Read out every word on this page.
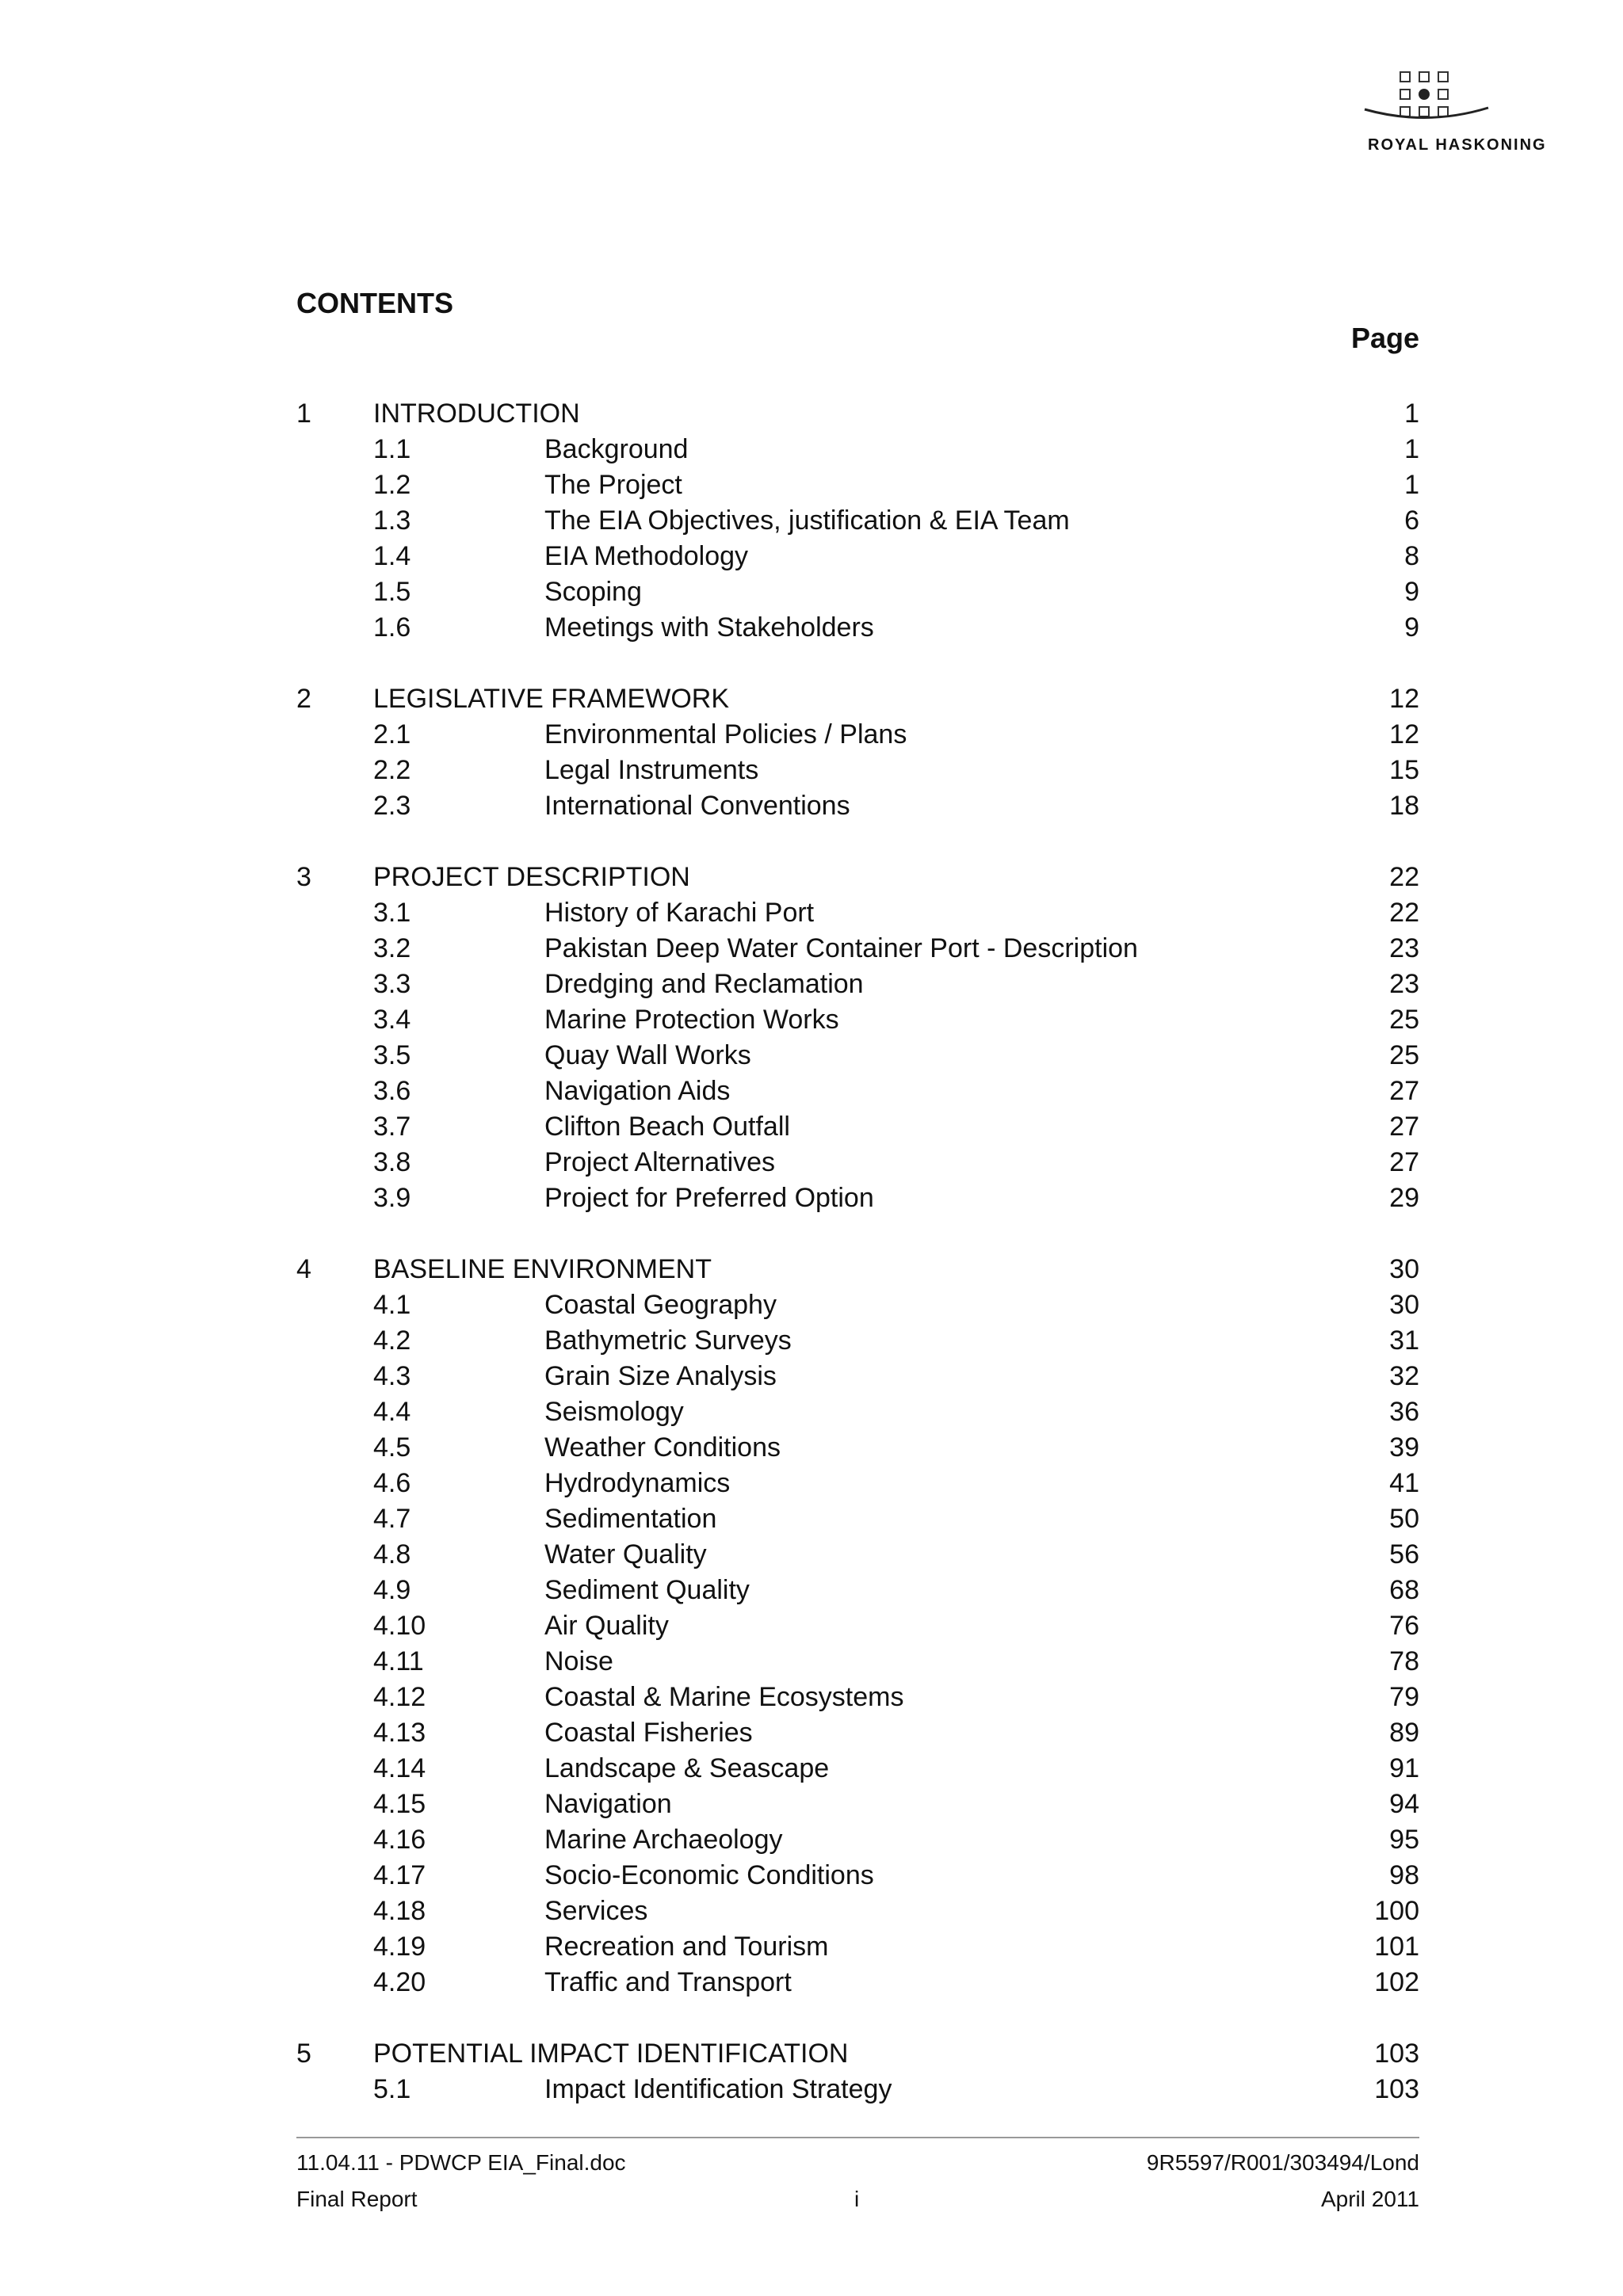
ROYAL HASKONING
CONTENTS
Page
1 INTRODUCTION	1
1.1	Background	1
1.2	The Project	1
1.3	The EIA Objectives, justification & EIA Team	6
1.4	EIA Methodology	8
1.5	Scoping	9
1.6	Meetings with Stakeholders	9
2 LEGISLATIVE FRAMEWORK	12
2.1	Environmental Policies / Plans	12
2.2	Legal Instruments	15
2.3	International Conventions	18
3 PROJECT DESCRIPTION	22
3.1	History of Karachi Port	22
3.2	Pakistan Deep Water Container Port - Description	23
3.3	Dredging and Reclamation	23
3.4	Marine Protection Works	25
3.5	Quay Wall Works	25
3.6	Navigation Aids	27
3.7	Clifton Beach Outfall	27
3.8	Project Alternatives	27
3.9	Project for Preferred Option	29
4 BASELINE ENVIRONMENT	30
4.1	Coastal Geography	30
4.2	Bathymetric Surveys	31
4.3	Grain Size Analysis	32
4.4	Seismology	36
4.5	Weather Conditions	39
4.6	Hydrodynamics	41
4.7	Sedimentation	50
4.8	Water Quality	56
4.9	Sediment Quality	68
4.10	Air Quality	76
4.11	Noise	78
4.12	Coastal & Marine Ecosystems	79
4.13	Coastal Fisheries	89
4.14	Landscape & Seascape	91
4.15	Navigation	94
4.16	Marine Archaeology	95
4.17	Socio-Economic Conditions	98
4.18	Services	100
4.19	Recreation and Tourism	101
4.20	Traffic and Transport	102
5 POTENTIAL IMPACT IDENTIFICATION	103
5.1	Impact Identification Strategy	103
11.04.11 - PDWCP EIA_Final.doc	9R5597/R001/303494/Lond
Final Report	i	April 2011
